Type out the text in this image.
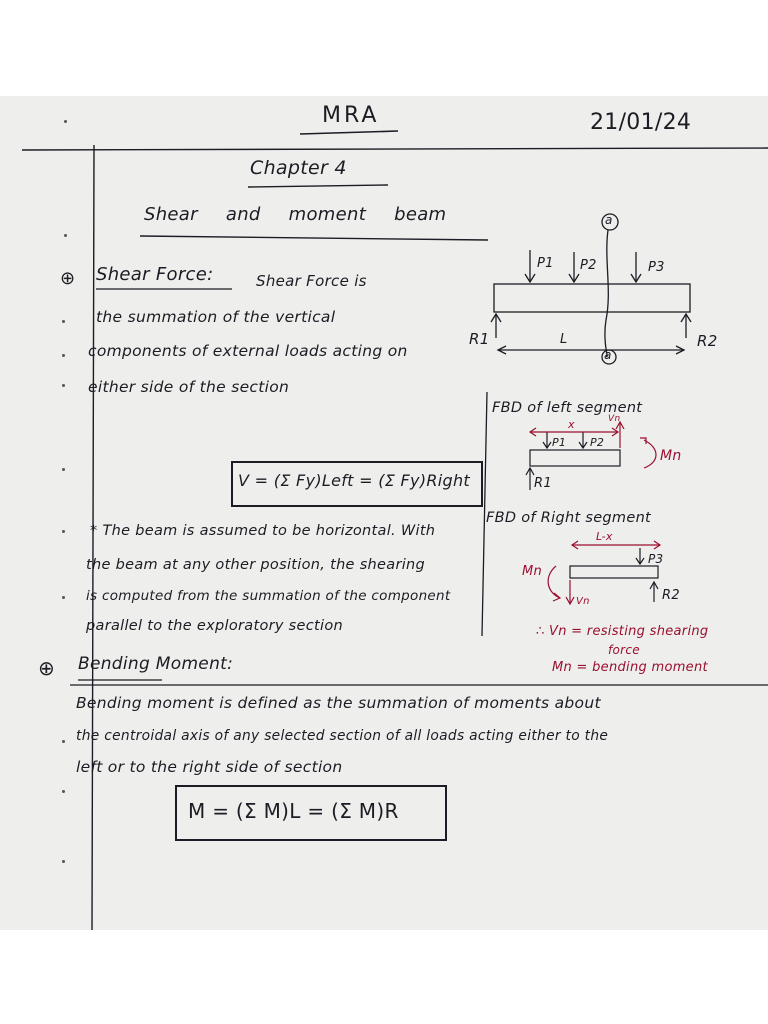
MRA	21/01/24
Chapter 4
Shear and moment beam
⊕ Shear Force:	Shear Force is
the summation of the vertical
components of external loads acting on
either side of the section
V = (Σ Fy)Left = (Σ Fy)Right
* The beam is assumed to be horizontal. With
the beam at any other position, the shearing
is computed from the summation of the component
parallel to the exploratory section
a
a
P1 P2	P3
R1	R2
L
FBD of left segment
x	Vn
P1 P2
Mn
R1
FBD of Right segment
L-x
P3
Mn
Vn	R2
∴ Vn = resisting shearing
force
Mn = bending moment
⊕ Bending Moment:
Bending moment is defined as the summation of moments about
the centroidal axis of any selected section of all loads acting either to the
left or to the right side of section
M = (Σ M)L = (Σ M)R
